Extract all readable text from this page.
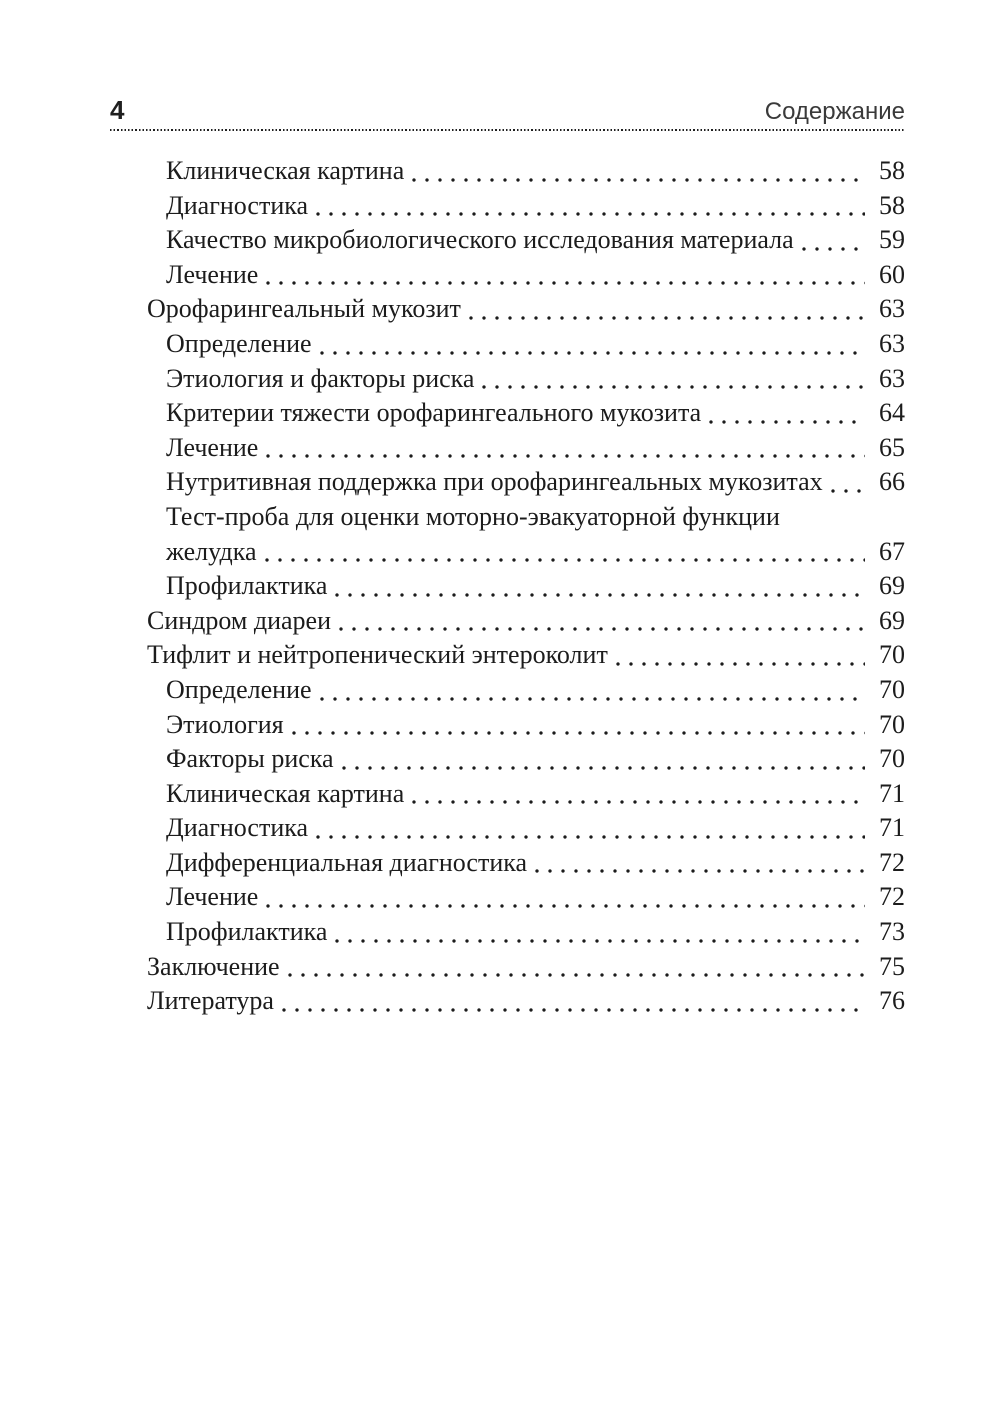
4	Содержание
Клиническая картина	58
Диагностика	58
Качество микробиологического исследования материала	59
Лечение	60
Орофарингеальный мукозит	63
Определение	63
Этиология и факторы риска	63
Критерии тяжести орофарингеального мукозита	64
Лечение	65
Нутритивная поддержка при орофарингеальных мукозитах	66
Тест-проба для оценки моторно-эвакуаторной функции
желудка	67
Профилактика	69
Синдром диареи	69
Тифлит и нейтропенический энтероколит	70
Определение	70
Этиология	70
Факторы риска	70
Клиническая картина	71
Диагностика	71
Дифференциальная диагностика	72
Лечение	72
Профилактика	73
Заключение	75
Литература	76
